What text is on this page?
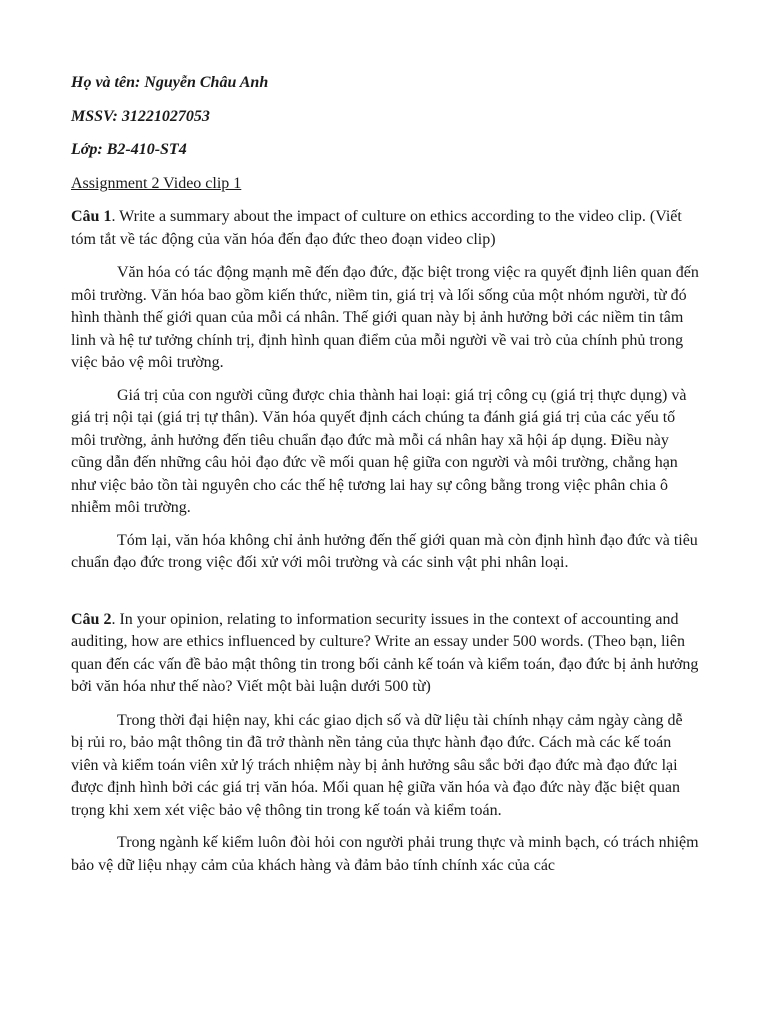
Họ và tên: Nguyễn Châu Anh

MSSV: 31221027053

Lớp: B2-410-ST4

Assignment 2 Video clip 1

Câu 1. Write a summary about the impact of culture on ethics according to the video clip. (Viết tóm tắt về tác động của văn hóa đến đạo đức theo đoạn video clip)

Văn hóa có tác động mạnh mẽ đến đạo đức, đặc biệt trong việc ra quyết định liên quan đến môi trường. Văn hóa bao gồm kiến thức, niềm tin, giá trị và lối sống của một nhóm người, từ đó hình thành thế giới quan của mỗi cá nhân. Thế giới quan này bị ảnh hưởng bởi các niềm tin tâm linh và hệ tư tưởng chính trị, định hình quan điểm của mỗi người về vai trò của chính phủ trong việc bảo vệ môi trường.

Giá trị của con người cũng được chia thành hai loại: giá trị công cụ (giá trị thực dụng) và giá trị nội tại (giá trị tự thân). Văn hóa quyết định cách chúng ta đánh giá giá trị của các yếu tố môi trường, ảnh hưởng đến tiêu chuẩn đạo đức mà mỗi cá nhân hay xã hội áp dụng. Điều này cũng dẫn đến những câu hỏi đạo đức về mối quan hệ giữa con người và môi trường, chẳng hạn như việc bảo tồn tài nguyên cho các thế hệ tương lai hay sự công bằng trong việc phân chia ô nhiễm môi trường.

Tóm lại, văn hóa không chỉ ảnh hưởng đến thế giới quan mà còn định hình đạo đức và tiêu chuẩn đạo đức trong việc đối xử với môi trường và các sinh vật phi nhân loại.

Câu 2. In your opinion, relating to information security issues in the context of accounting and auditing, how are ethics influenced by culture? Write an essay under 500 words. (Theo bạn, liên quan đến các vấn đề bảo mật thông tin trong bối cảnh kế toán và kiểm toán, đạo đức bị ảnh hưởng bởi văn hóa như thế nào? Viết một bài luận dưới 500 từ)

Trong thời đại hiện nay, khi các giao dịch số và dữ liệu tài chính nhạy cảm ngày càng dễ bị rủi ro, bảo mật thông tin đã trở thành nền tảng của thực hành đạo đức. Cách mà các kế toán viên và kiểm toán viên xử lý trách nhiệm này bị ảnh hưởng sâu sắc bởi đạo đức mà đạo đức lại được định hình bởi các giá trị văn hóa. Mối quan hệ giữa văn hóa và đạo đức này đặc biệt quan trọng khi xem xét việc bảo vệ thông tin trong kế toán và kiểm toán.

Trong ngành kế kiểm luôn đòi hỏi con người phải trung thực và minh bạch, có trách nhiệm bảo vệ dữ liệu nhạy cảm của khách hàng và đảm bảo tính chính xác của các
